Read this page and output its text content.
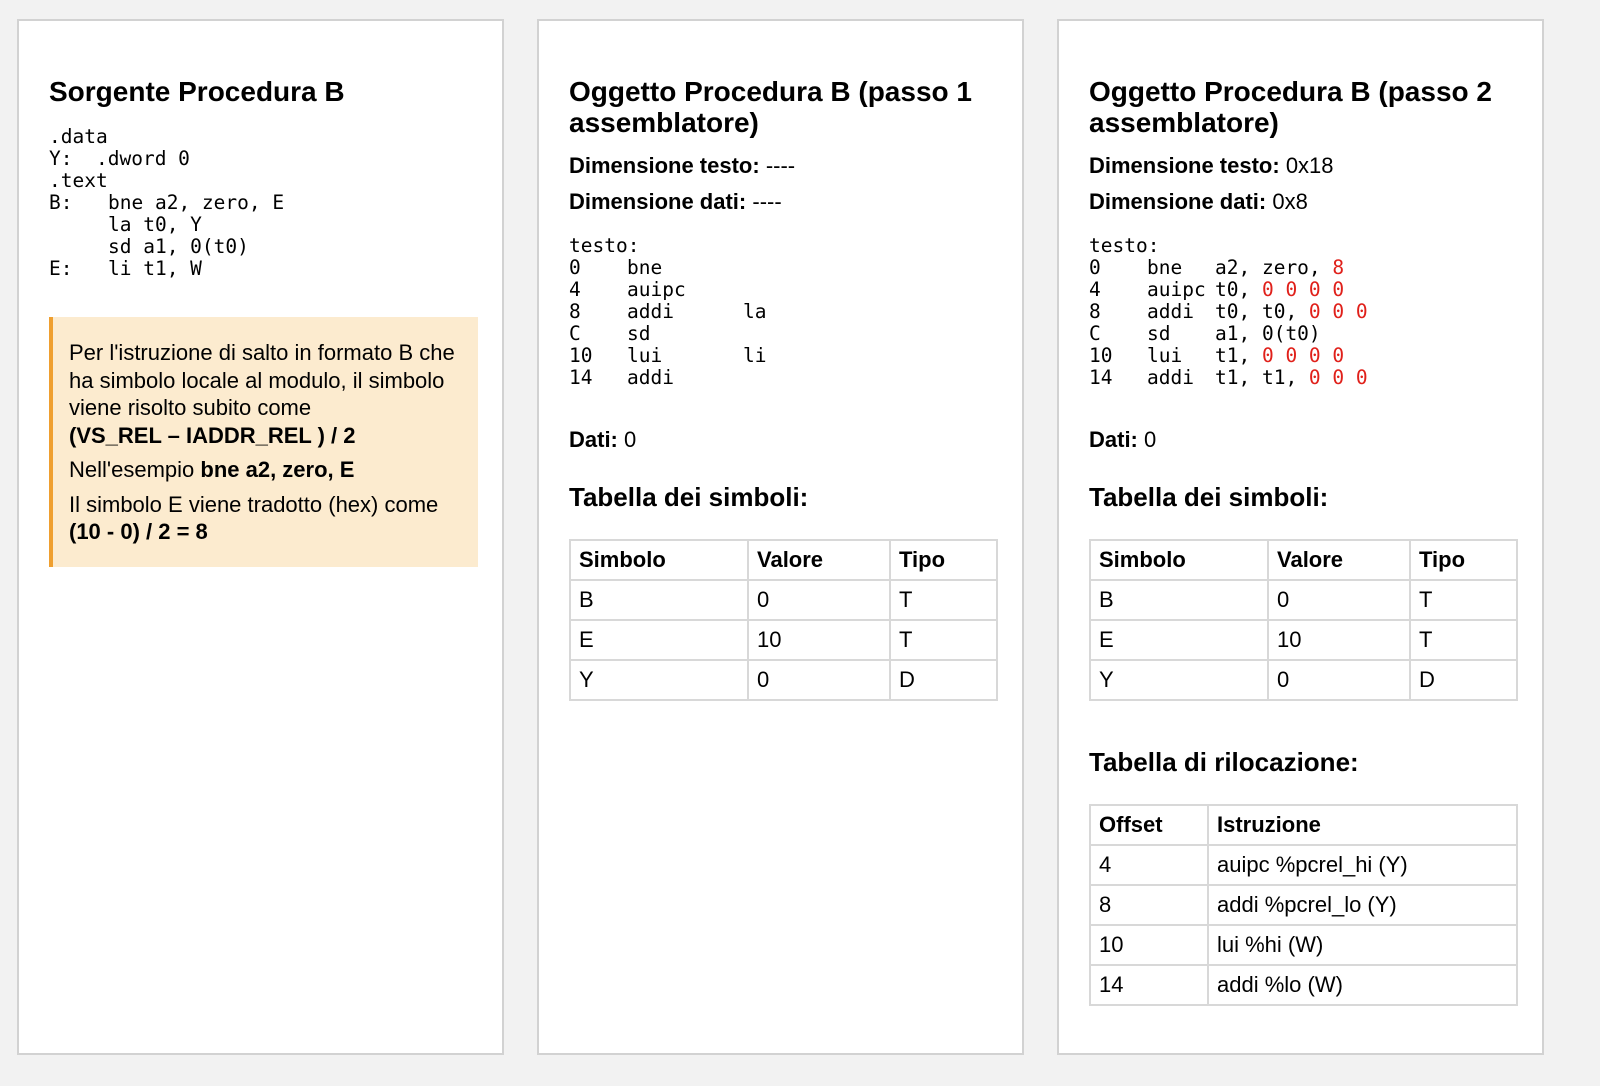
Sorgente Procedura B
.data
Y: .dword 0
.text
B: bne a2, zero, E
la t0, Y
sd a1, 0(t0)
E: li t1, W

Per l'istruzione di salto in formato B che ha simbolo locale al modulo, il simbolo viene risolto subito come
(VS_REL – IADDR_REL ) / 2

Nell'esempio bne a2, zero, E

Il simbolo E viene tradotto (hex) come (10 - 0) / 2 = 8

Oggetto Procedura B (passo 1
assemblatore)
Dimensione testo: ----
Dimensione dati: ----
testo:
0 bne
4 auipc
8 addi	la
C sd
10 lui	li
14 addi
Dati: 0
Tabella dei simboli:
Simbolo	Valore	Tipo
B	0	T
E	10	T
Y	0	D
Oggetto Procedura B (passo 2
assemblatore)
Dimensione testo: 0x18
Dimensione dati: 0x8
testo:
0 bne a2, zero, 8
4 auipc t0, 0 0 0 0
8 addi t0, t0, 0 0 0
C sd a1, 0(t0)
10 lui t1, 0 0 0 0
14 addi t1, t1, 0 0 0
Dati: 0
Tabella dei simboli:
Simbolo	Valore	Tipo
B	0	T
E	10	T
Y	0	D
Tabella di rilocazione:
Offset	Istruzione
4	auipc %pcrel_hi (Y)
8	addi %pcrel_lo (Y)
10	lui %hi (W)
14	addi %lo (W)
